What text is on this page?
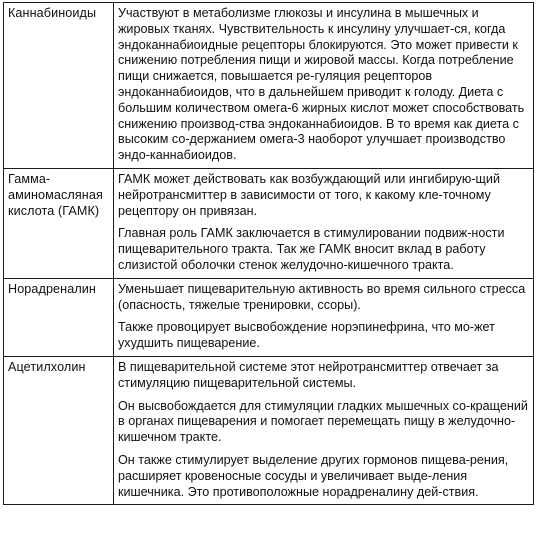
Каннабиноиды	Участвуют в метаболизме глюкозы и инсулина в мышечных и жировых тканях. Чувствительность к инсулину улучшает-ся, когда эндоканнабиоидные рецепторы блокируются. Это может привести к снижению потребления пищи и жировой массы. Когда потребление пищи снижается, повышается ре-гуляция рецепторов эндоканнабиоидов, что в дальнейшем приводит к голоду. Диета с большим количеством омега-6 жирных кислот может способствовать снижению производ-ства эндоканнабиоидов. В то время как диета с высоким со-держанием омега-3 наоборот улучшает производство эндо-каннабиоидов.

Гамма-аминомасляная кислота (ГАМК)	ГАМК может действовать как возбуждающий или ингибирую-щий нейротрансмиттер в зависимости от того, к какому кле-точному рецептору он привязан.

Главная роль ГАМК заключается в стимулировании подвиж-ности пищеварительного тракта. Так же ГАМК вносит вклад в работу слизистой оболочки стенок желудочно-кишечного тракта.

Норадреналин	Уменьшает пищеварительную активность во время сильного стресса (опасность, тяжелые тренировки, ссоры).

Также провоцирует высвобождение норэпинефрина, что мо-жет ухудшить пищеварение.

Ацетилхолин	В пищеварительной системе этот нейротрансмиттер отвечает за стимуляцию пищеварительной системы.

Он высвобождается для стимуляции гладких мышечных со-кращений в органах пищеварения и помогает перемещать пищу в желудочно-кишечном тракте.

Он также стимулирует выделение других гормонов пищева-рения, расширяет кровеносные сосуды и увеличивает выде-ления кишечника. Это противоположные норадреналину дей-ствия.
